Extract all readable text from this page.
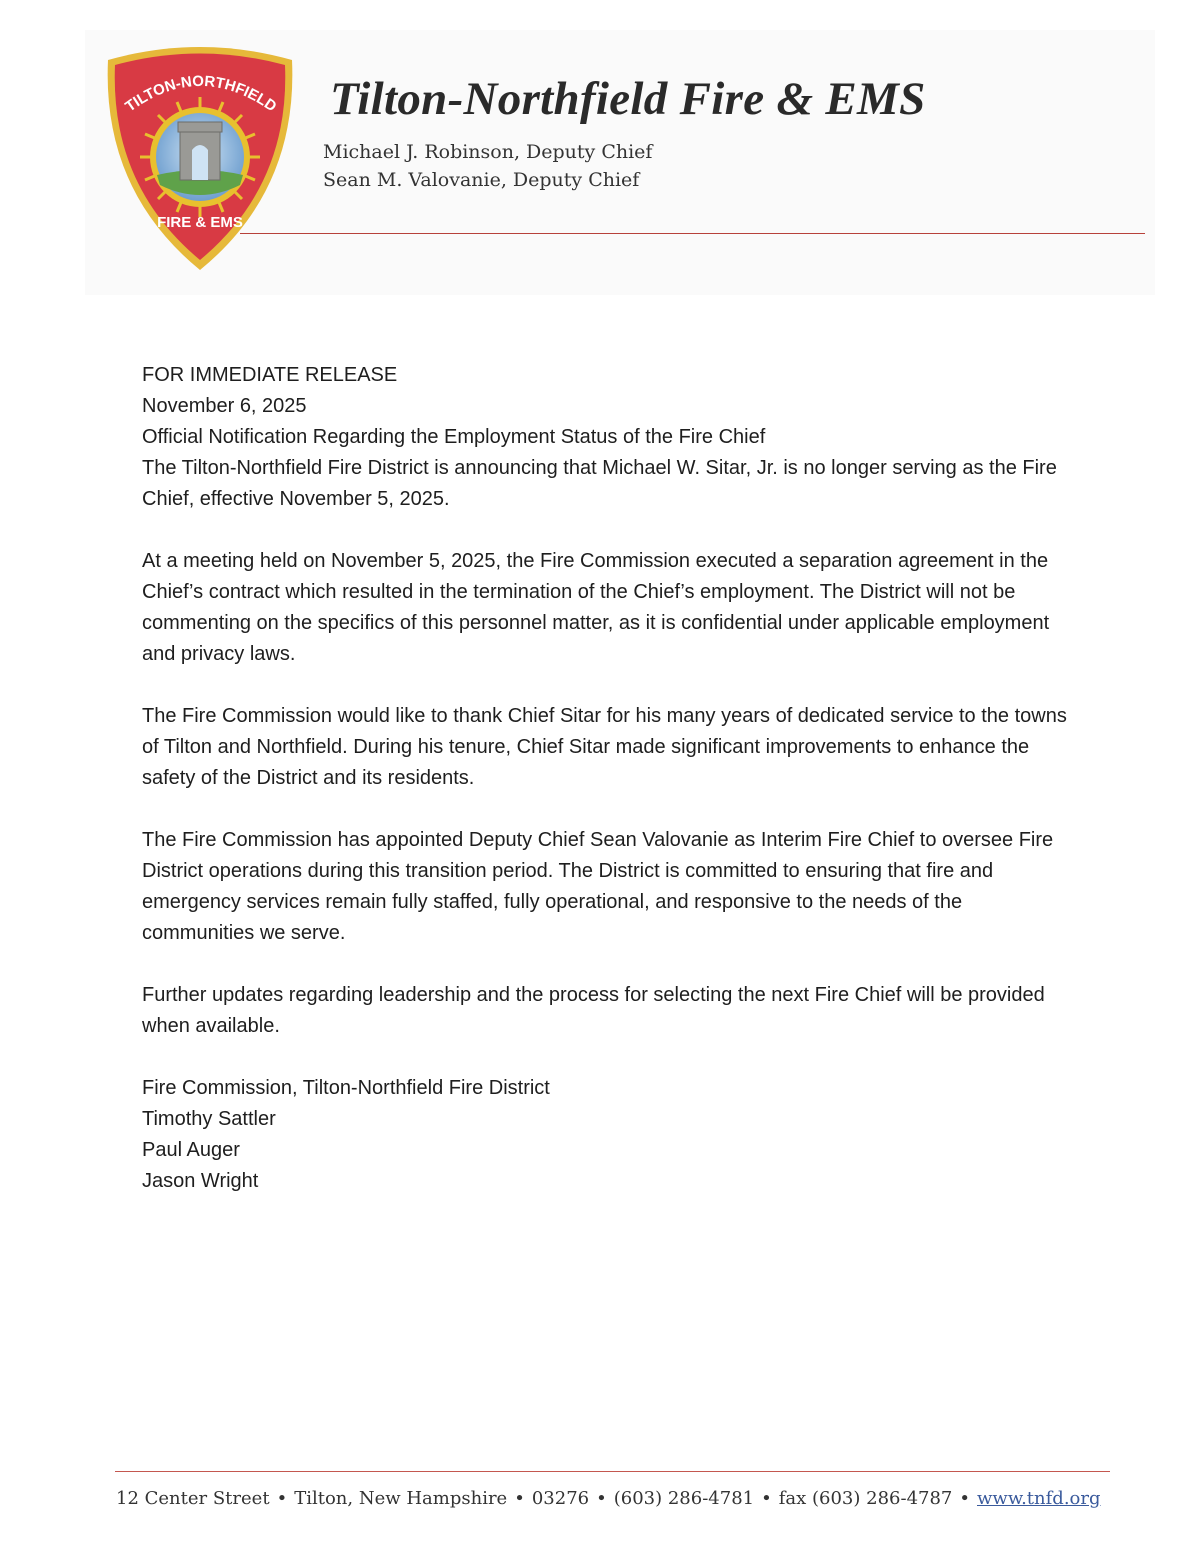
TILTON-NORTHFIELD
FIRE & EMS
Tilton-Northfield Fire & EMS
Michael J. Robinson, Deputy Chief
Sean M. Valovanie, Deputy Chief

FOR IMMEDIATE RELEASE

November 6, 2025

Official Notification Regarding the Employment Status of the Fire Chief

The Tilton-Northfield Fire District is announcing that Michael W. Sitar, Jr. is no longer serving as the Fire Chief, effective November 5, 2025.

At a meeting held on November 5, 2025, the Fire Commission executed a separation agreement in the Chief’s contract which resulted in the termination of the Chief’s employment. The District will not be commenting on the specifics of this personnel matter, as it is confidential under applicable employment and privacy laws.

The Fire Commission would like to thank Chief Sitar for his many years of dedicated service to the towns of Tilton and Northfield. During his tenure, Chief Sitar made significant improvements to enhance the safety of the District and its residents.

The Fire Commission has appointed Deputy Chief Sean Valovanie as Interim Fire Chief to oversee Fire District operations during this transition period. The District is committed to ensuring that fire and emergency services remain fully staffed, fully operational, and responsive to the needs of the communities we serve.

Further updates regarding leadership and the process for selecting the next Fire Chief will be provided when available.

Fire Commission, Tilton-Northfield Fire District

Timothy Sattler

Paul Auger

Jason Wright

12 Center Street • Tilton, New Hampshire • 03276 • (603) 286-4781 • fax (603) 286-4787 • www.tnfd.org
